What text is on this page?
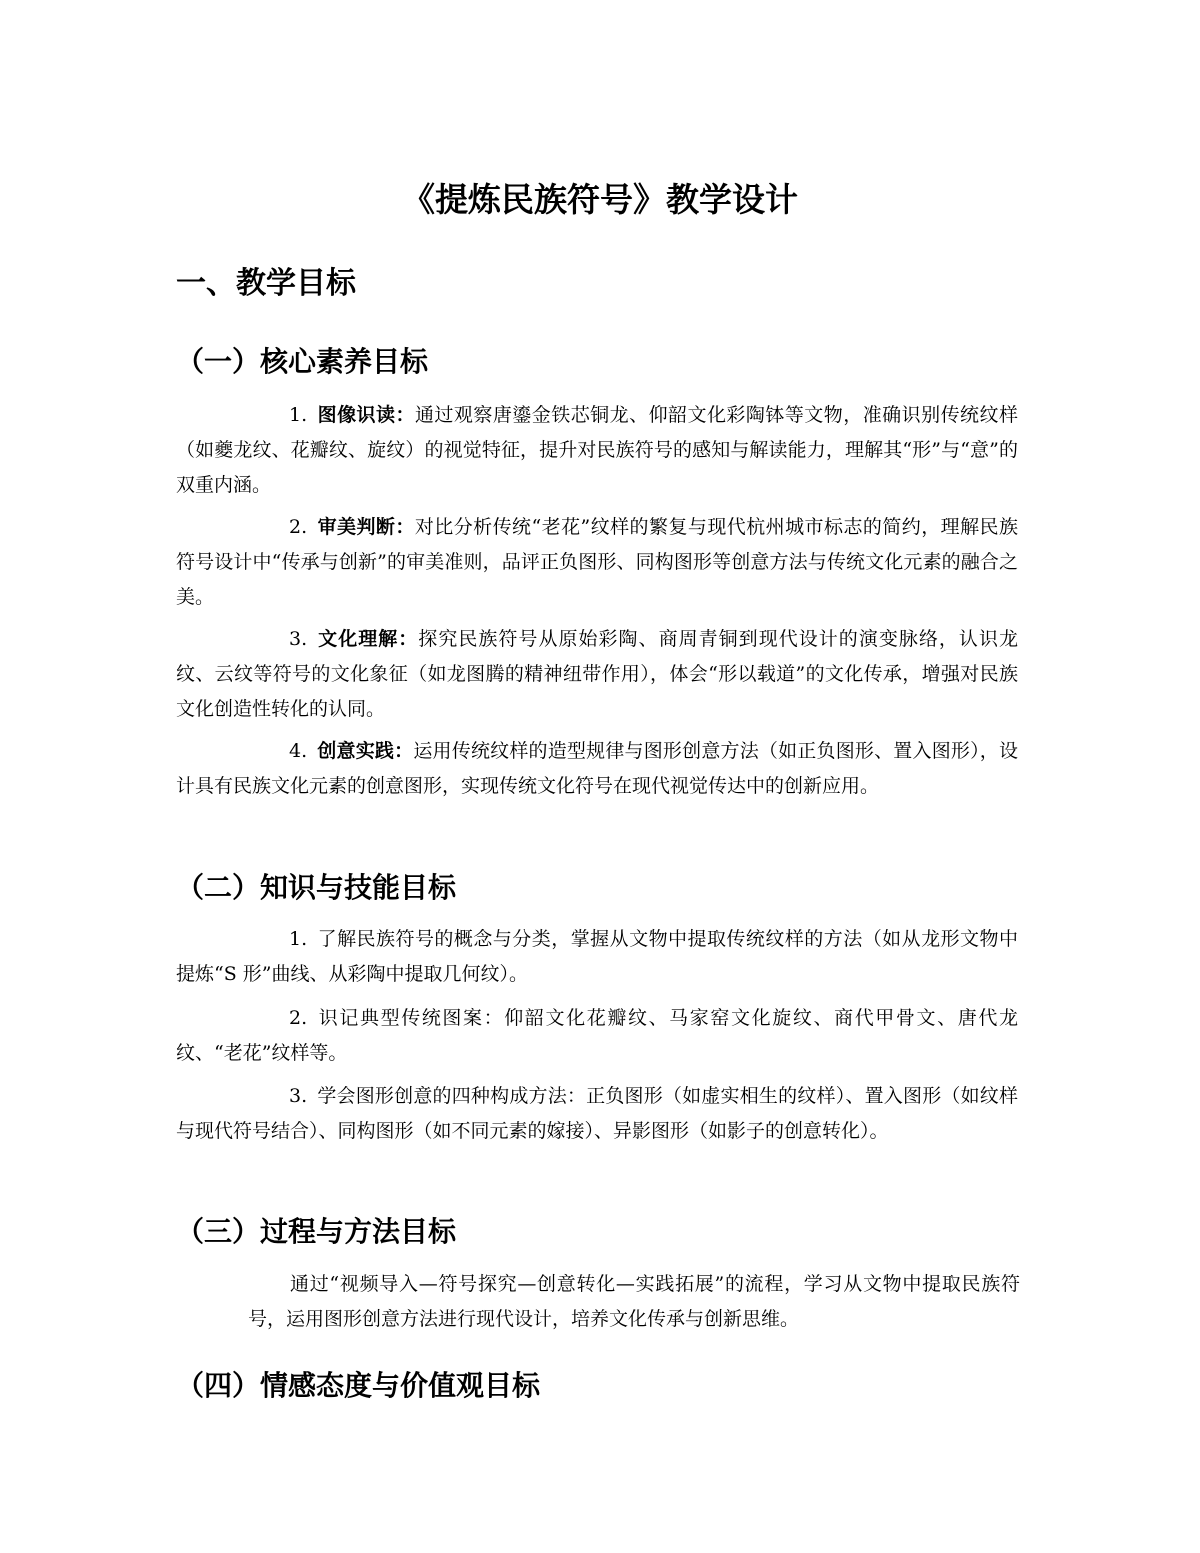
《提炼民族符号》教学设计
一、教学目标
（一）核心素养目标

1. 图像识读：通过观察唐鎏金铁芯铜龙、仰韶文化彩陶钵等文物，准确识别传统纹样（如夔龙纹、花瓣纹、旋纹）的视觉特征，提升对民族符号的感知与解读能力，理解其“形”与“意”的双重内涵。

2. 审美判断：对比分析传统“老花”纹样的繁复与现代杭州城市标志的简约，理解民族符号设计中“传承与创新”的审美准则，品评正负图形、同构图形等创意方法与传统文化元素的融合之美。

3. 文化理解：探究民族符号从原始彩陶、商周青铜到现代设计的演变脉络，认识龙纹、云纹等符号的文化象征（如龙图腾的精神纽带作用），体会“形以载道”的文化传承，增强对民族文化创造性转化的认同。

4. 创意实践：运用传统纹样的造型规律与图形创意方法（如正负图形、置入图形），设计具有民族文化元素的创意图形，实现传统文化符号在现代视觉传达中的创新应用。

（二）知识与技能目标

1. 了解民族符号的概念与分类，掌握从文物中提取传统纹样的方法（如从龙形文物中提炼“S 形”曲线、从彩陶中提取几何纹）。

2. 识记典型传统图案：仰韶文化花瓣纹、马家窑文化旋纹、商代甲骨文、唐代龙纹、“老花”纹样等。

3. 学会图形创意的四种构成方法：正负图形（如虚实相生的纹样）、置入图形（如纹样与现代符号结合）、同构图形（如不同元素的嫁接）、异影图形（如影子的创意转化）。

（三）过程与方法目标

通过“视频导入—符号探究—创意转化—实践拓展”的流程，学习从文物中提取民族符号，运用图形创意方法进行现代设计，培养文化传承与创新思维。

（四）情感态度与价值观目标
